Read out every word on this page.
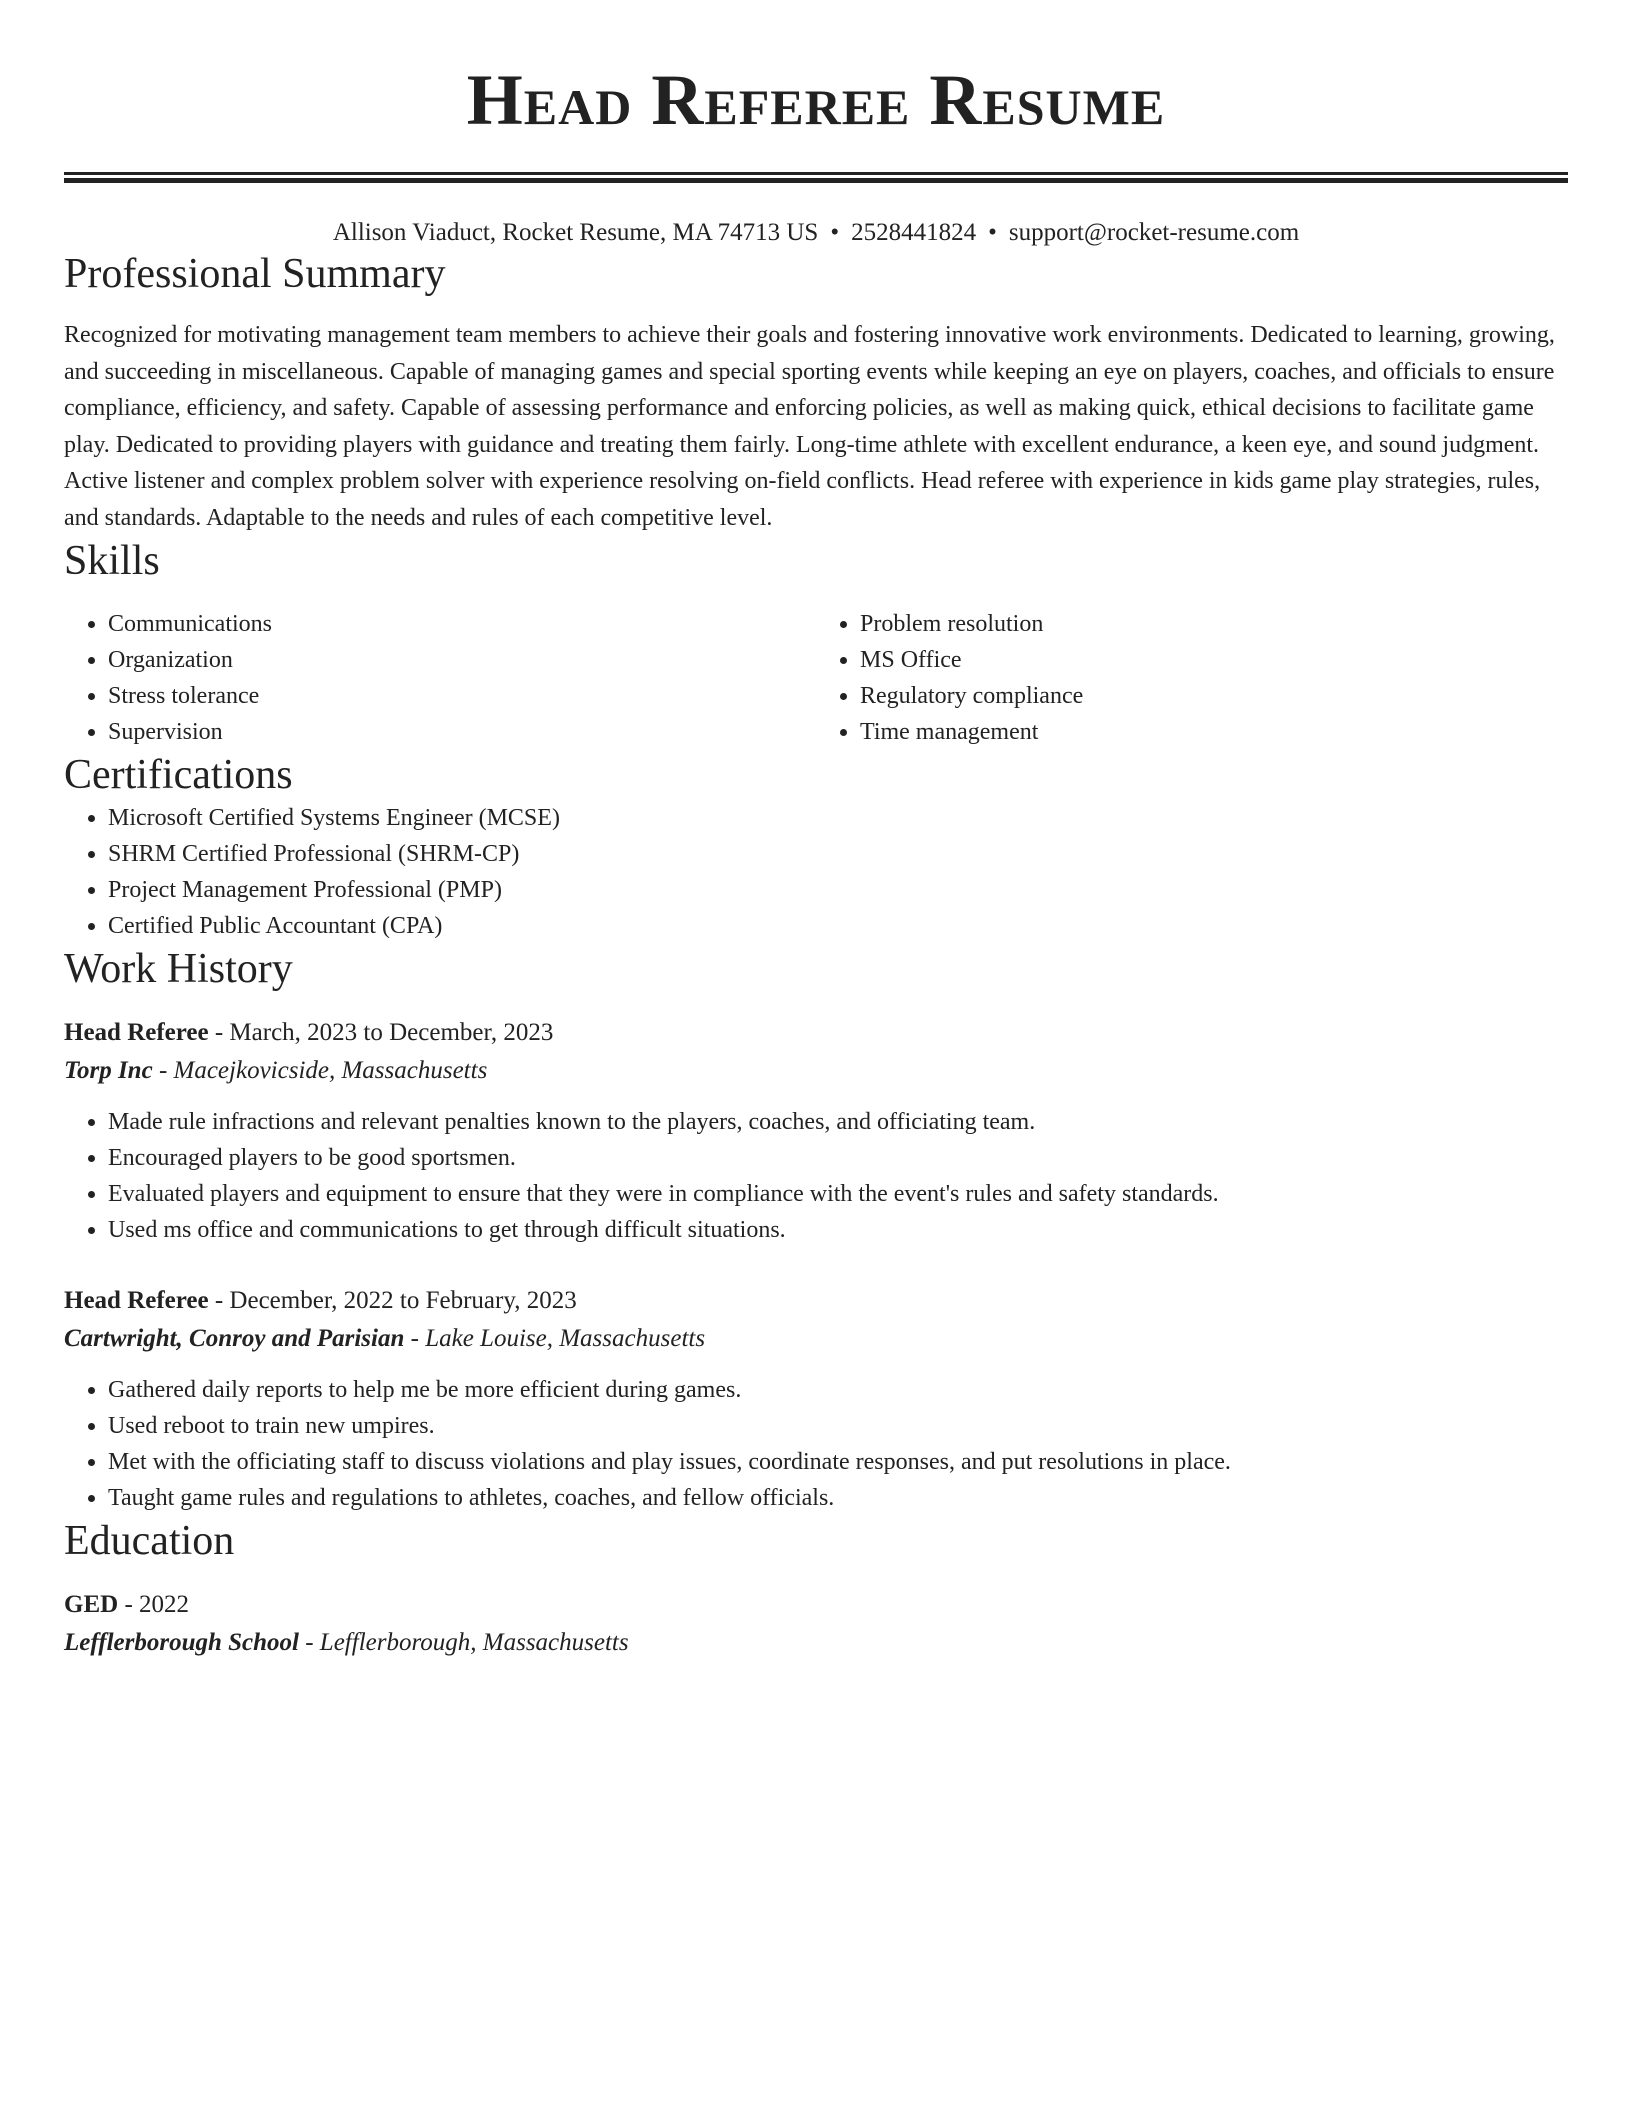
Head Referee Resume
Allison Viaduct, Rocket Resume, MA 74713 US • 2528441824 • support@rocket-resume.com
Professional Summary
Recognized for motivating management team members to achieve their goals and fostering innovative work environments. Dedicated to learning, growing, and succeeding in miscellaneous. Capable of managing games and special sporting events while keeping an eye on players, coaches, and officials to ensure compliance, efficiency, and safety. Capable of assessing performance and enforcing policies, as well as making quick, ethical decisions to facilitate game play. Dedicated to providing players with guidance and treating them fairly. Long-time athlete with excellent endurance, a keen eye, and sound judgment. Active listener and complex problem solver with experience resolving on-field conflicts. Head referee with experience in kids game play strategies, rules, and standards. Adaptable to the needs and rules of each competitive level.
Skills
• Communications
• Organization
• Stress tolerance
• Supervision
• Problem resolution
• MS Office
• Regulatory compliance
• Time management
Certifications
• Microsoft Certified Systems Engineer (MCSE)
• SHRM Certified Professional (SHRM-CP)
• Project Management Professional (PMP)
• Certified Public Accountant (CPA)
Work History
Head Referee - March, 2023 to December, 2023
Torp Inc - Macejkovicside, Massachusetts
• Made rule infractions and relevant penalties known to the players, coaches, and officiating team.
• Encouraged players to be good sportsmen.
• Evaluated players and equipment to ensure that they were in compliance with the event's rules and safety standards.
• Used ms office and communications to get through difficult situations.
Head Referee - December, 2022 to February, 2023
Cartwright, Conroy and Parisian - Lake Louise, Massachusetts
• Gathered daily reports to help me be more efficient during games.
• Used reboot to train new umpires.
• Met with the officiating staff to discuss violations and play issues, coordinate responses, and put resolutions in place.
• Taught game rules and regulations to athletes, coaches, and fellow officials.
Education
GED - 2022
Lefflerborough School - Lefflerborough, Massachusetts
